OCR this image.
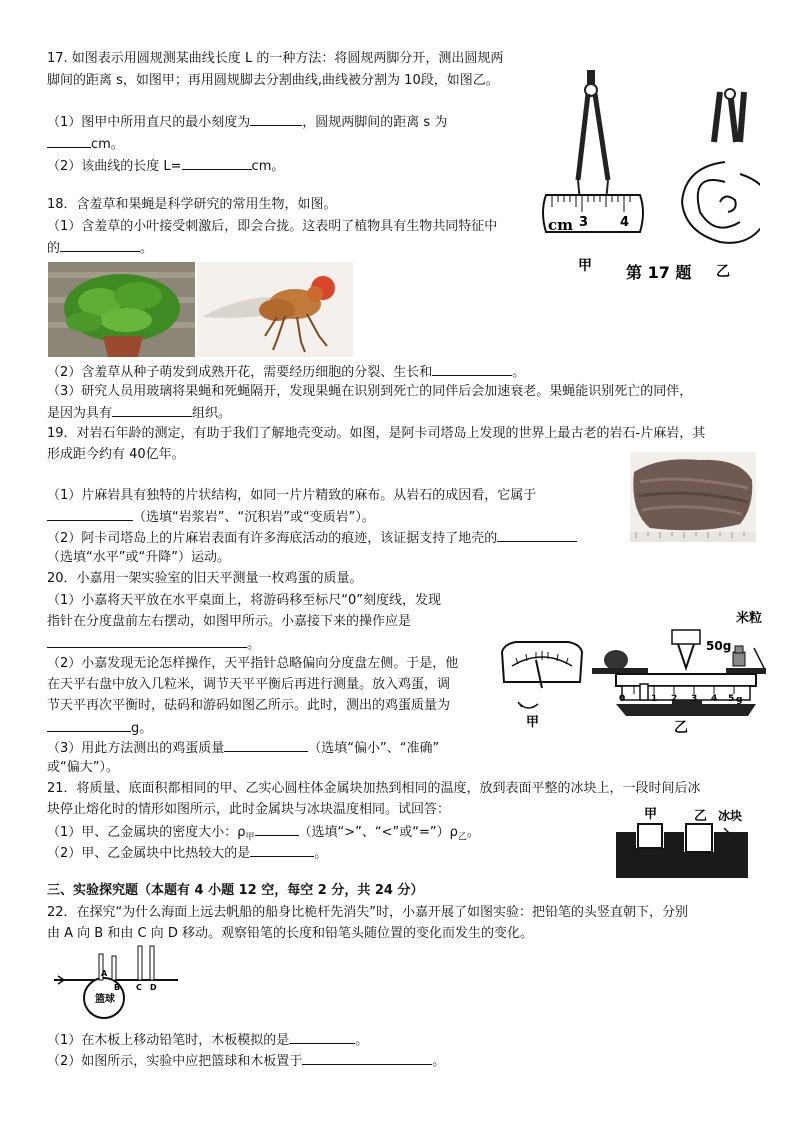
17. 如图表示用圆规测某曲线长度 L 的一种方法：将圆规两脚分开，测出圆规两
脚间的距离 s，如图甲；再用圆规脚去分割曲线,曲线被分割为 10段，如图乙。
（1）图甲中所用直尺的最小刻度为	，圆规两脚间的距离 s 为
cm。
（2）该曲线的长度 L=	cm。
cm 3 4
甲 第 17 题 乙
18．含羞草和果蝇是科学研究的常用生物，如图。
（1）含羞草的小叶接受刺激后，即会合拢。这表明了植物具有生物共同特征中
的	。
（2）含羞草从种子萌发到成熟开花，需要经历细胞的分裂、生长和	。
（3）研究人员用玻璃将果蝇和死蝇隔开，发现果蝇在识别到死亡的同伴后会加速衰老。果蝇能识别死亡的同伴，
是因为具有	组织。
19．对岩石年龄的测定，有助于我们了解地壳变动。如图，是阿卡司塔岛上发现的世界上最古老的岩石-片麻岩，其
形成距今约有 40亿年。
（1）片麻岩具有独特的片状结构，如同一片片精致的麻布。从岩石的成因看，它属于
（选填“岩浆岩”、“沉积岩”或“变质岩”）。
（2）阿卡司塔岛上的片麻岩表面有许多海底活动的痕迹，该证据支持了地壳的
（选填“水平”或“升降”）运动。
20．小嘉用一架实验室的旧天平测量一枚鸡蛋的质量。
（1）小嘉将天平放在水平桌面上，将游码移至标尺“0”刻度线，发现
指针在分度盘前左右摆动，如图甲所示。小嘉接下来的操作应是
。
（2）小嘉发现无论怎样操作，天平指针总略偏向分度盘左侧。于是，他
在天平右盘中放入几粒米，调节天平平衡后再进行测量。放入鸡蛋，调
节天平再次平衡时，砝码和游码如图乙所示。此时，测出的鸡蛋质量为
g。
（3）用此方法测出的鸡蛋质量	（选填“偏小”、“准确”
或“偏大”）。
甲
0	1 2 3 4 5 g
米粒
50g
乙
21．将质量、底面积都相同的甲、乙实心圆柱体金属块加热到相同的温度，放到表面平整的冰块上，一段时间后冰
块停止熔化时的情形如图所示，此时金属块与冰块温度相同。试回答：
（1）甲、乙金属块的密度大小：$\rho_甲$	（选填“>”、“<”或“$=”)\rho_乙$。
（2）甲、乙金属块中比热较大的是	。
甲	乙 冰块
三、实验探究题（本题有 4 小题 12 空，每空 2 分，共 24 分）
22．在探究“为什么海面上远去帆船的船身比桅杆先消失”时，小嘉开展了如图实验：把铅笔的头竖直朝下，分别
由 A 向 B 和由 C 向 D 移动。观察铅笔的长度和铅笔头随位置的变化而发生的变化。
篮球
A
B C D
（1）在木板上移动铅笔时，木板模拟的是	。
（2）如图所示，实验中应把篮球和木板置于	。
